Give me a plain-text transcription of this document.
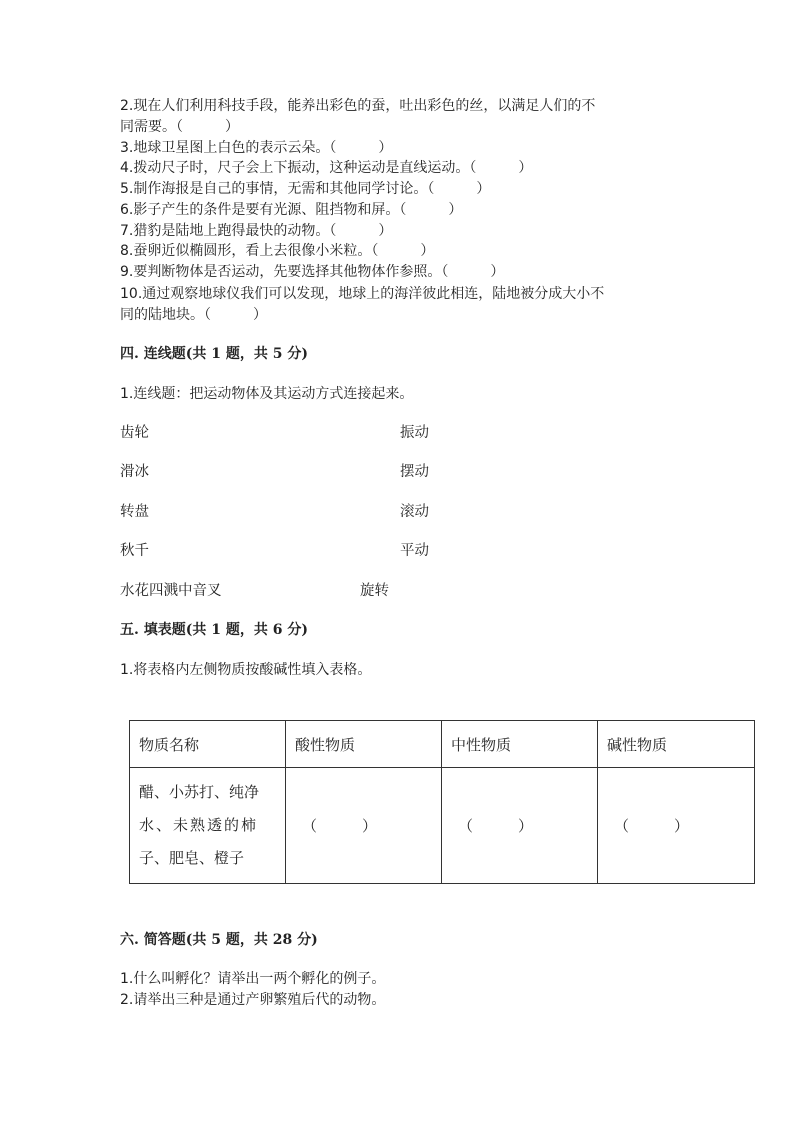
2.现在人们利用科技手段，能养出彩色的蚕，吐出彩色的丝，以满足人们的不
同需要。（　　　）
3.地球卫星图上白色的表示云朵。（　　　）
4.拨动尺子时，尺子会上下振动，这种运动是直线运动。（　　　）
5.制作海报是自己的事情，无需和其他同学讨论。（　　　）
6.影子产生的条件是要有光源、阻挡物和屏。（　　　）
7.猎豹是陆地上跑得最快的动物。（　　　）
8.蚕卵近似椭圆形，看上去很像小米粒。（　　　）
9.要判断物体是否运动，先要选择其他物体作参照。（　　　）
10.通过观察地球仪我们可以发现，地球上的海洋彼此相连，陆地被分成大小不
同的陆地块。（　　　）
四. 连线题(共 1 题，共 5 分)
1.连线题：把运动物体及其运动方式连接起来。
齿轮	振动
滑冰	摆动
转盘	滚动
秋千	平动
水花四溅中音叉	旋转
五. 填表题(共 1 题，共 6 分)
1.将表格内左侧物质按酸碱性填入表格。
物质名称	酸性物质	中性物质	碱性物质

醋、小苏打、纯净
水、未熟透的柿
子、肥皂、橙子	（　　　）	（　　　）	（　　　）
六. 简答题(共 5 题，共 28 分)
1.什么叫孵化？请举出一两个孵化的例子。
2.请举出三种是通过产卵繁殖后代的动物。
